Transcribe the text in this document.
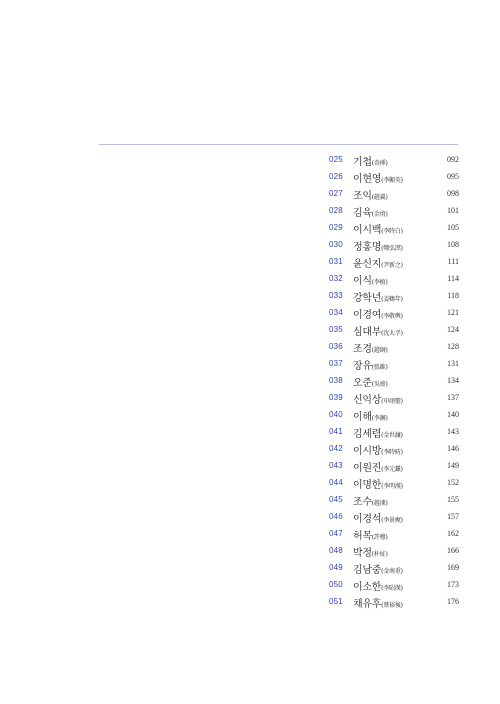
025 기첩(奇揷)	092
026 이현영(李顯英)	095
027 조익(趙翼)	098
028 김육(金堉)	101
029 이시백(李時白)	105
030 정홍명(鄭弘溟)	108
031 윤신지(尹新之)	111
032 이식(李植)	114
033 강학년(姜鶴年)	118
034 이경여(李敬輿)	121
035 심대부(沈大孚)	124
036 조경(趙絅)	128
037 장유(張維)	131
038 오준(吳竣)	134
039 신익상(申翊聖)	137
040 이해(李澥)	140
041 김세렴(金世濂)	143
042 이시방(李時昉)	146
043 이원진(李元鎭)	149
044 이명한(李明漢)	152
045 조수(趙涑)	155
046 이경석(李景奭)	157
047 허목(許穆)	162
048 박정(朴炡)	166
049 김남중(金南重)	169
050 이소한(李昭漢)	173
051 채유후(蔡裕後)	176
